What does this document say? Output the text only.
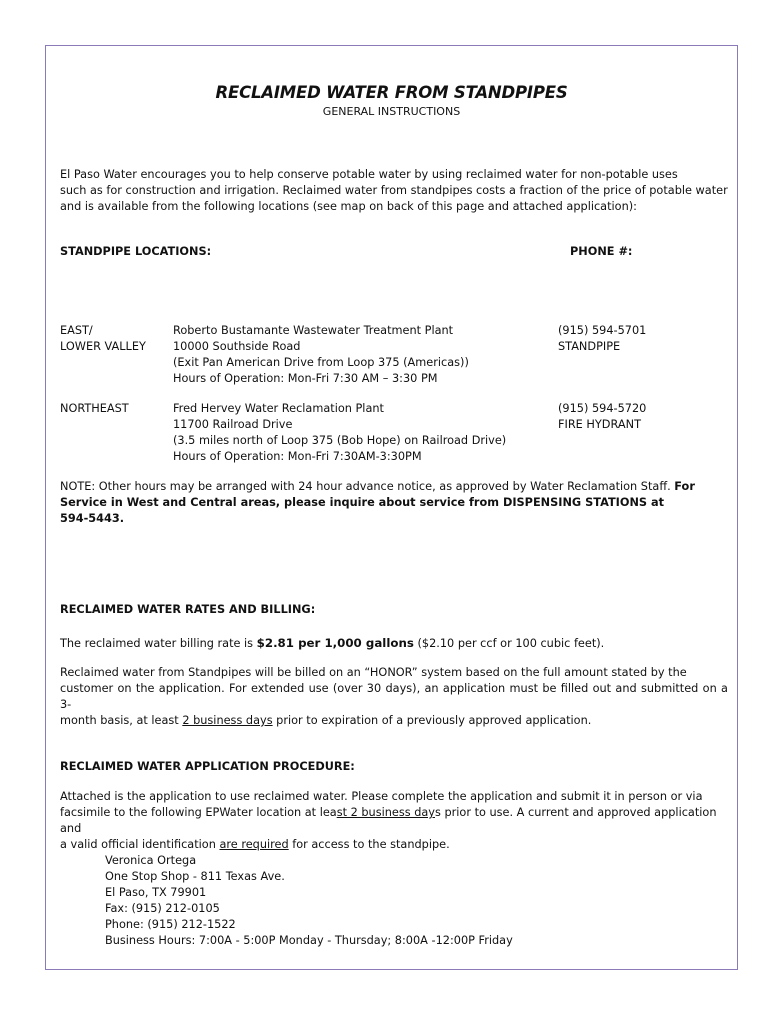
RECLAIMED WATER FROM STANDPIPES
GENERAL INSTRUCTIONS
El Paso Water encourages you to help conserve potable water by using reclaimed water for non-potable uses
such as for construction and irrigation. Reclaimed water from standpipes costs a fraction of the price of potable water
and is available from the following locations (see map on back of this page and attached application):
STANDPIPE LOCATIONS:	PHONE #:
EAST/
LOWER VALLEY
Roberto Bustamante Wastewater Treatment Plant
10000 Southside Road
(Exit Pan American Drive from Loop 375 (Americas))
Hours of Operation: Mon-Fri 7:30 AM – 3:30 PM
(915) 594-5701
STANDPIPE
NORTHEAST	Fred Hervey Water Reclamation Plant
11700 Railroad Drive
(3.5 miles north of Loop 375 (Bob Hope) on Railroad Drive)
Hours of Operation: Mon-Fri 7:30AM-3:30PM
(915) 594-5720
FIRE HYDRANT
NOTE: Other hours may be arranged with 24 hour advance notice, as approved by Water Reclamation Staff. For
Service in West and Central areas, please inquire about service from DISPENSING STATIONS at
594-5443.
RECLAIMED WATER RATES AND BILLING:
The reclaimed water billing rate is $2.81 per 1,000 gallons ($2.10 per ccf or 100 cubic feet).
Reclaimed water from Standpipes will be billed on an “HONOR” system based on the full amount stated by the
customer on the application. For extended use (over 30 days), an application must be filled out and submitted on a 3-
month basis, at least 2 business days prior to expiration of a previously approved application.
RECLAIMED WATER APPLICATION PROCEDURE:
Attached is the application to use reclaimed water. Please complete the application and submit it in person or via
facsimile to the following EPWater location at least 2 business days prior to use. A current and approved application and
a valid official identification are required for access to the standpipe.
Veronica Ortega
One Stop Shop - 811 Texas Ave.
El Paso, TX 79901
Fax: (915) 212-0105
Phone: (915) 212-1522
Business Hours: 7:00A - 5:00P Monday - Thursday; 8:00A -12:00P Friday
